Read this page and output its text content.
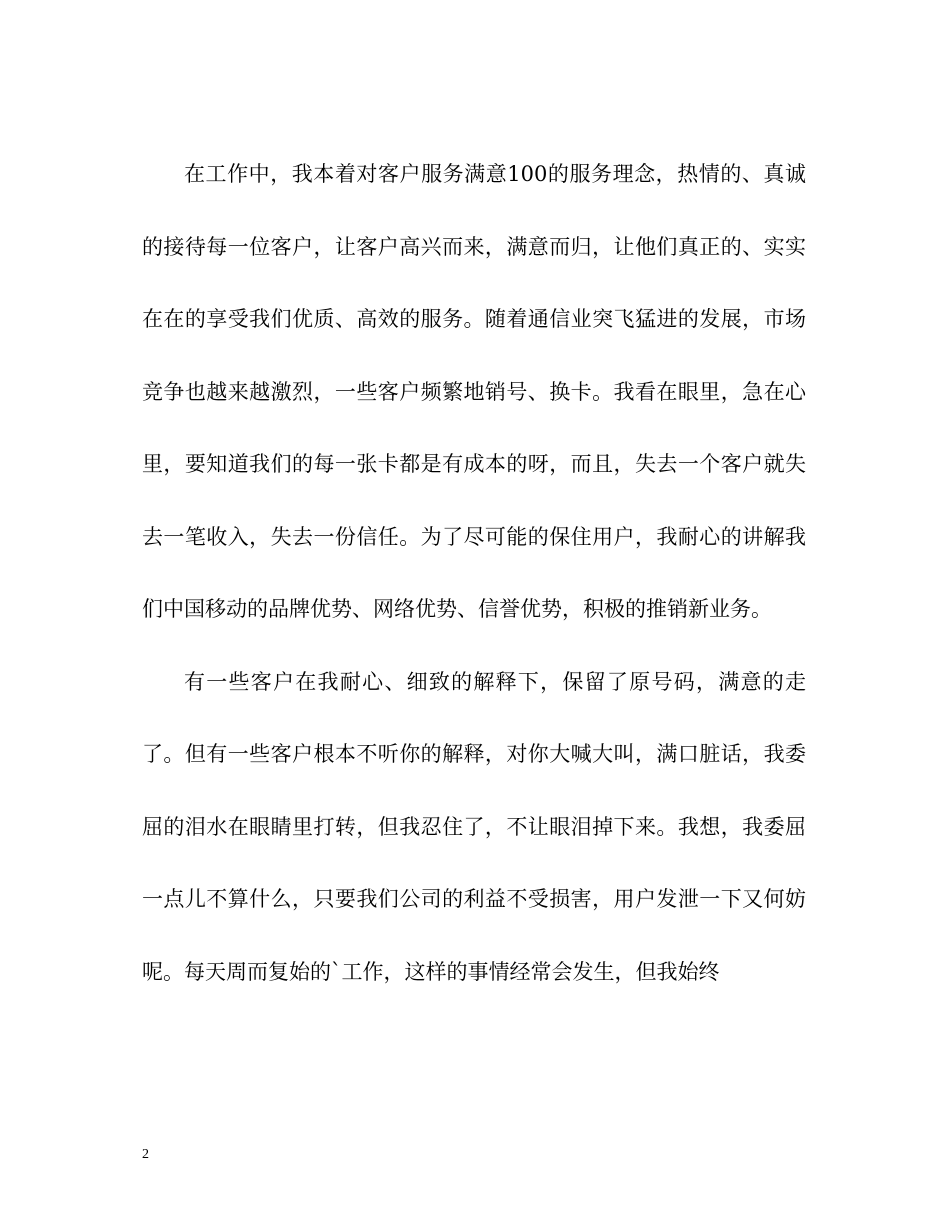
在工作中，我本着对客户服务满意100的服务理念，热情的、真诚的接待每一位客户，让客户高兴而来，满意而归，让他们真正的、实实在在的享受我们优质、高效的服务。随着通信业突飞猛进的发展，市场竞争也越来越激烈，一些客户频繁地销号、换卡。我看在眼里，急在心里，要知道我们的每一张卡都是有成本的呀，而且，失去一个客户就失去一笔收入，失去一份信任。为了尽可能的保住用户，我耐心的讲解我们中国移动的品牌优势、网络优势、信誉优势，积极的推销新业务。

有一些客户在我耐心、细致的解释下，保留了原号码，满意的走了。但有一些客户根本不听你的解释，对你大喊大叫，满口脏话，我委屈的泪水在眼睛里打转，但我忍住了，不让眼泪掉下来。我想，我委屈一点儿不算什么，只要我们公司的利益不受损害，用户发泄一下又何妨呢。每天周而复始的`工作，这样的事情经常会发生，但我始终

2
